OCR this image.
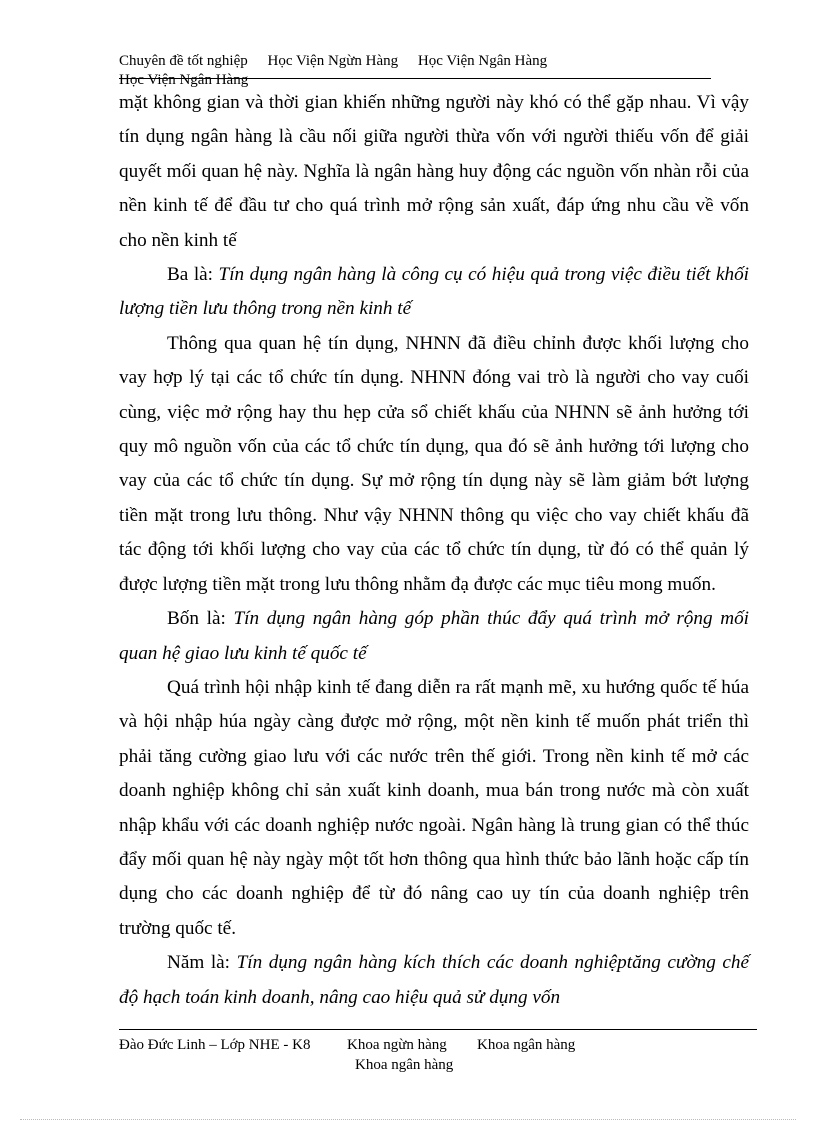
Chuyên đề tốt nghiệp Học Viện Ngừn Hàng Học Viện Ngân Hàng
Học Viện Ngân Hàng

mặt không gian và thời gian khiến những người này khó có thể gặp nhau. Vì vậy tín dụng ngân hàng là cầu nối giữa người thừa vốn với người thiếu vốn để giải quyết mối quan hệ này. Nghĩa là ngân hàng huy động các nguồn vốn nhàn rỗi của nền kinh tế để đầu tư cho quá trình mở rộng sản xuất, đáp ứng nhu cầu về vốn cho nền kinh tế

Ba là: Tín dụng ngân hàng là công cụ có hiệu quả trong việc điều tiết khối lượng tiền lưu thông trong nền kinh tế

Thông qua quan hệ tín dụng, NHNN đã điều chỉnh được khối lượng cho vay hợp lý tại các tổ chức tín dụng. NHNN đóng vai trò là người cho vay cuối cùng, việc mở rộng hay thu hẹp cửa sổ chiết khấu của NHNN sẽ ảnh hưởng tới quy mô nguồn vốn của các tổ chức tín dụng, qua đó sẽ ảnh hưởng tới lượng cho vay của các tổ chức tín dụng. Sự mở rộng tín dụng này sẽ làm giảm bớt lượng tiền mặt trong lưu thông. Như vậy NHNN thông qu việc cho vay chiết khấu đã tác động tới khối lượng cho vay của các tổ chức tín dụng, từ đó có thể quản lý được lượng tiền mặt trong lưu thông nhằm đạ được các mục tiêu mong muốn.

Bốn là: Tín dụng ngân hàng góp phần thúc đẩy quá trình mở rộng mối quan hệ giao lưu kinh tế quốc tế

Quá trình hội nhập kinh tế đang diễn ra rất mạnh mẽ, xu hướng quốc tế húa và hội nhập húa ngày càng được mở rộng, một nền kinh tế muốn phát triển thì phải tăng cường giao lưu với các nước trên thế giới. Trong nền kinh tế mở các doanh nghiệp không chỉ sản xuất kinh doanh, mua bán trong nước mà còn xuất nhập khẩu với các doanh nghiệp nước ngoài. Ngân hàng là trung gian có thể thúc đẩy mối quan hệ này ngày một tốt hơn thông qua hình thức bảo lãnh hoặc cấp tín dụng cho các doanh nghiệp để từ đó nâng cao uy tín của doanh nghiệp trên trường quốc tế.

Năm là: Tín dụng ngân hàng kích thích các doanh nghiệptăng cường chế độ hạch toán kinh doanh, nâng cao hiệu quả sử dụng vốn

Đào Đức Linh – Lớp NHE - K8 Khoa ngừn hàng Khoa ngân hàng
Khoa ngân hàng
